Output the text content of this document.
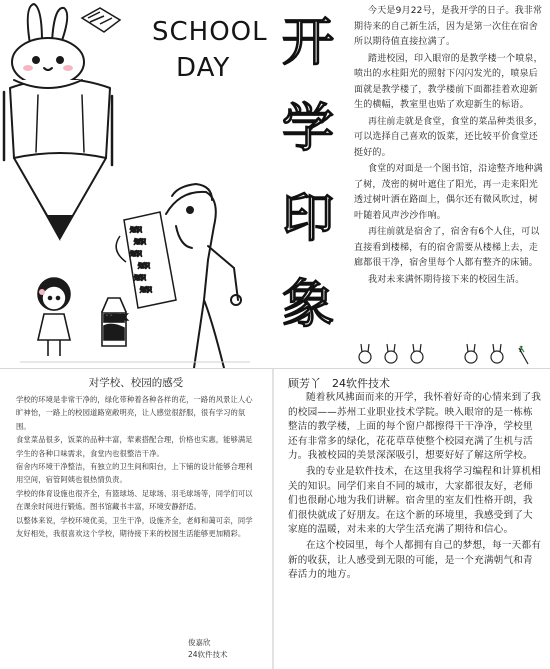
SCHOOL
DAY
知识
知识
知识
知识
知识
知识
MILK
开
学
印
象

今天是9月22号，是我开学的日子。我非常期待来的自己新生活，因为是第一次住在宿舍所以期待值直接拉满了。

踏进校园，印入眼帘的是教学楼一个喷泉，喷出的水柱阳光的照射下闪闪发光的，喷泉后面就是教学楼了，教学楼前下面都挂着欢迎新生的横幅，教室里也贴了欢迎新生的标语。

再往前走就是食堂，食堂的菜品种类很多，可以选择自己喜欢的饭菜，还比较平价食堂还挺好的。

食堂的对面是一个图书馆，沿途整齐地种满了树，茂密的树叶遮住了阳光，再一走来阳光透过树叶洒在路面上，偶尔还有微风吹过，树叶随着风声沙沙作响。

再往前就是宿舍了，宿舍有6个人住，可以直接看到楼梯，有的宿舍需要从楼梯上去，走廊都很干净，宿舍里每个人都有整齐的床铺。

我对未来满怀期待接下来的校园生活。

对学校、校园的感受

学校的环境是非常干净的，绿化带种着各种各样的花，一路的风景让人心旷神怡，一路上的校园道路宽敞明亮，让人感觉很舒服，很有学习的氛围。

食堂菜品很多，饭菜的品种丰富，荤素搭配合理，价格也实惠，能够满足学生的各种口味需求，食堂内也很整洁干净。

宿舍内环境干净整洁，有独立的卫生间和阳台，上下铺的设计能够合理利用空间，宿管阿姨也很热情负责。

学校的体育设施也很齐全，有篮球场、足球场、羽毛球场等，同学们可以在课余时间进行锻炼。图书馆藏书丰富，环境安静舒适。

以整体来说，学校环境优美，卫生干净，设施齐全，老师和蔼可亲，同学友好相处，我很喜欢这个学校，期待接下来的校园生活能够更加精彩。

俊嘉欣
24软件技术
顾芳丫　24软件技术

随着秋风拂面而来的开学，我怀着好奇的心情来到了我的校园——苏州工业职业技术学院。映入眼帘的是一栋栋整洁的教学楼，上面的每个窗户都擦得干干净净，学校里还有非常多的绿化，花花草草使整个校园充满了生机与活力。我被校园的美景深深吸引，想要好好了解这所学校。

我的专业是软件技术，在这里我将学习编程和计算机相关的知识。同学们来自不同的城市，大家都很友好，老师们也很耐心地为我们讲解。宿舍里的室友们性格开朗，我们很快就成了好朋友。在这个新的环境里，我感受到了大家庭的温暖，对未来的大学生活充满了期待和信心。

在这个校园里，每个人都拥有自己的梦想，每一天都有新的收获，让人感受到无限的可能，是一个充满朝气和青春活力的地方。
